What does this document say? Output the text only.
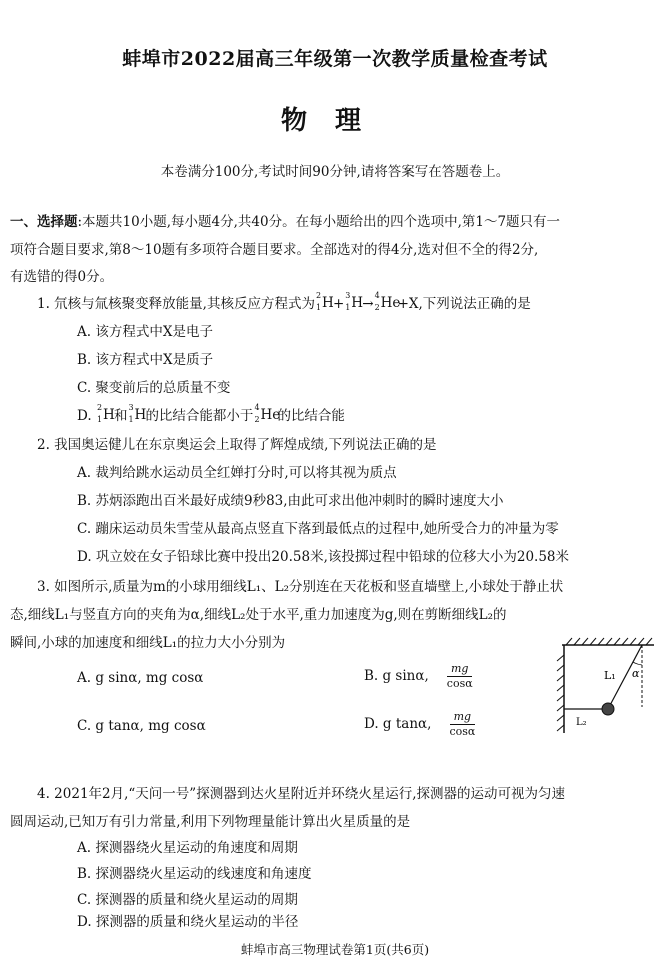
蚌埠市2022届高三年级第一次教学质量检查考试
物理
本卷满分100分,考试时间90分钟,请将答案写在答题卷上。
一、选择题:本题共10小题,每小题4分,共40分。在每小题给出的四个选项中,第1～7题只有一
项符合题目要求,第8～10题有多项符合题目要求。全部选对的得4分,选对但不全的得2分,
有选错的得0分。
1. 氘核与氚核聚变释放能量,其核反应方程式为
2
1 H +
3
1 H →
4
2 He
+X,下列说法正确的是
A. 该方程式中X是电子
B. 该方程式中X是质子
C. 聚变前后的总质量不变
D.
2
1 H 和
3
1 H 的比结合能都小于
4
2 He
的比结合能
2. 我国奥运健儿在东京奥运会上取得了辉煌成绩,下列说法正确的是
A. 裁判给跳水运动员全红婵打分时,可以将其视为质点
B. 苏炳添跑出百米最好成绩9秒83,由此可求出他冲刺时的瞬时速度大小
C. 蹦床运动员朱雪莹从最高点竖直下落到最低点的过程中,她所受合力的冲量为零
D. 巩立姣在女子铅球比赛中投出20.58米,该投掷过程中铅球的位移大小为20.58米
3. 如图所示,质量为m的小球用细线L₁、L₂分别连在天花板和竖直墙壁上,小球处于静止状
态,细线L₁与竖直方向的夹角为α,细线L₂处于水平,重力加速度为g,则在剪断细线L₂的
瞬间,小球的加速度和细线L₁的拉力大小分别为
A. g sinα, mg cosα	B. g sinα, $\frac{mg}{\cos\alpha}$
C. g tanα, mg cosα	D. g tanα, $\frac{mg}{\cos\alpha}$
α
L₁
L₂
4. 2021年2月,“天问一号”探测器到达火星附近并环绕火星运行,探测器的运动可视为匀速
圆周运动,已知万有引力常量,利用下列物理量能计算出火星质量的是
A. 探测器绕火星运动的角速度和周期
B. 探测器绕火星运动的线速度和角速度
C. 探测器的质量和绕火星运动的周期
蚌埠市高三物理试卷第1页(共6页)
D. 探测器的质量和绕火星运动的半径
